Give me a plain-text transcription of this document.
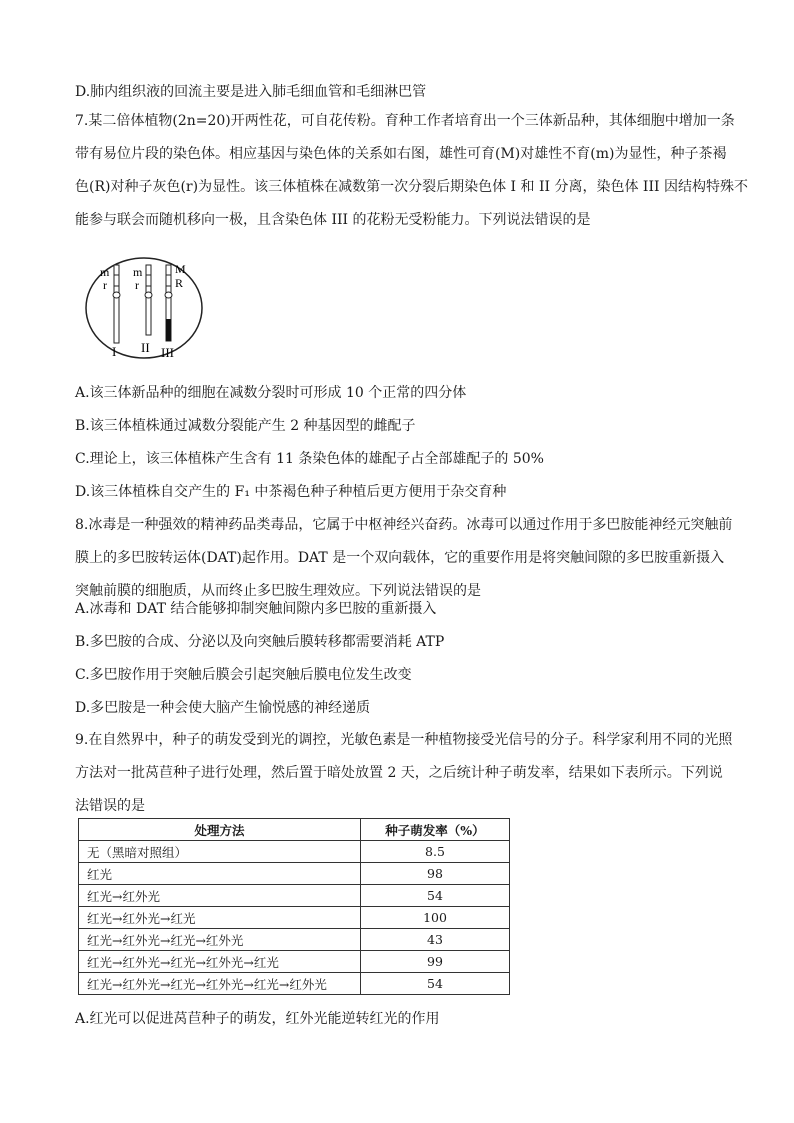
D.肺内组织液的回流主要是进入肺毛细血管和毛细淋巴管
7.某二倍体植物(2n=20)开两性花，可自花传粉。育种工作者培育出一个三体新品种，其体细胞中增加一条
带有易位片段的染色体。相应基因与染色体的关系如右图，雄性可育(M)对雄性不育(m)为显性，种子茶褐
色(R)对种子灰色(r)为显性。该三体植株在减数第一次分裂后期染色体 I 和 II 分离，染色体 III 因结构特殊不
能参与联会而随机移向一极，且含染色体 III 的花粉无受粉能力。下列说法错误的是
m
r
I
m
r
II
M
R
III
A.该三体新品种的细胞在减数分裂时可形成 10 个正常的四分体
B.该三体植株通过减数分裂能产生 2 种基因型的雌配子
C.理论上，该三体植株产生含有 11 条染色体的雄配子占全部雄配子的 50%
D.该三体植株自交产生的 F₁ 中茶褐色种子种植后更方便用于杂交育种
8.冰毒是一种强效的精神药品类毒品，它属于中枢神经兴奋药。冰毒可以通过作用于多巴胺能神经元突触前
膜上的多巴胺转运体(DAT)起作用。DAT 是一个双向载体，它的重要作用是将突触间隙的多巴胺重新摄入
突触前膜的细胞质，从而终止多巴胺生理效应。下列说法错误的是
A.冰毒和 DAT 结合能够抑制突触间隙内多巴胺的重新摄入
B.多巴胺的合成、分泌以及向突触后膜转移都需要消耗 ATP
C.多巴胺作用于突触后膜会引起突触后膜电位发生改变
D.多巴胺是一种会使大脑产生愉悦感的神经递质
9.在自然界中，种子的萌发受到光的调控，光敏色素是一种植物接受光信号的分子。科学家利用不同的光照
方法对一批莴苣种子进行处理，然后置于暗处放置 2 天，之后统计种子萌发率，结果如下表所示。下列说
法错误的是
处理方法	种子萌发率（%）
无（黑暗对照组）	8.5
红光	98
红光→红外光	54
红光→红外光→红光	100
红光→红外光→红光→红外光	43
红光→红外光→红光→红外光→红光	99
红光→红外光→红光→红外光→红光→红外光	54
A.红光可以促进莴苣种子的萌发，红外光能逆转红光的作用
